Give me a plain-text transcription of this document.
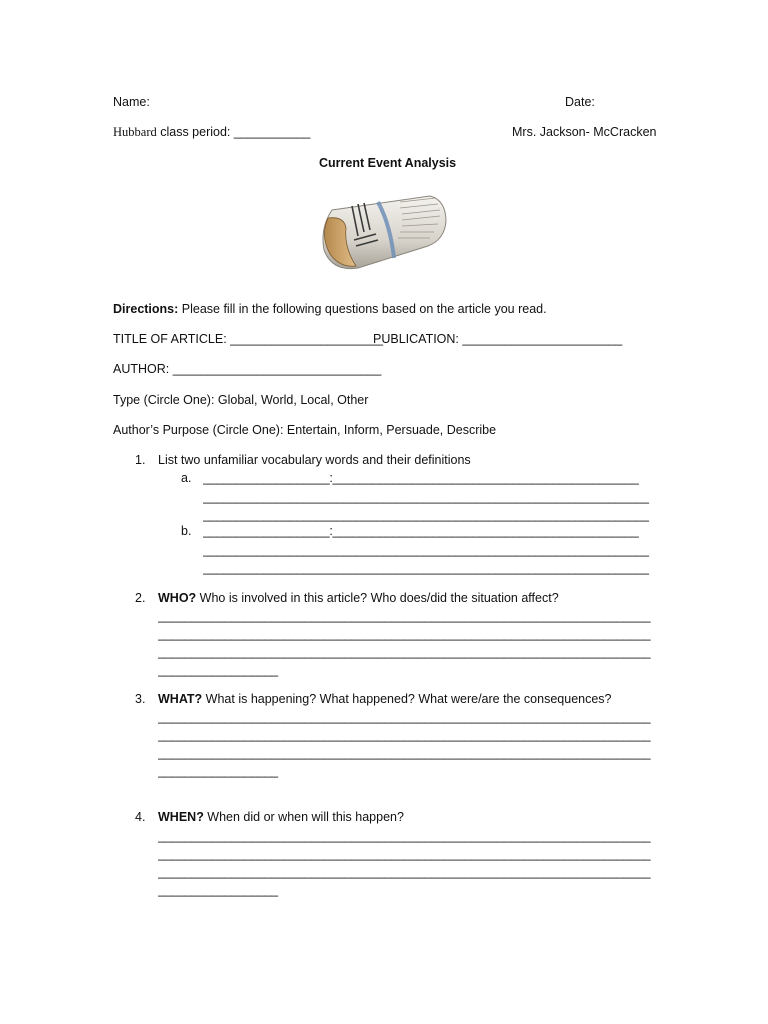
Name:	Date:
Hubbard class period: ___________	Mrs. Jackson- McCracken
Current Event Analysis
Directions: Please fill in the following questions based on the article you read.
TITLE OF ARTICLE: ______________________
PUBLICATION: _______________________
AUTHOR: ______________________________
Type (Circle One): Global, World, Local, Other
Author’s Purpose (Circle One): Entertain, Inform, Persuade, Describe
1. List two unfamiliar vocabulary words and their definitions
a. ___________________:______________________________________________
___________________________________________________________________
___________________________________________________________________
b. ___________________:______________________________________________
___________________________________________________________________
___________________________________________________________________
2. WHO? Who is involved in this article? Who does/did the situation affect?
__________________________________________________________________________
__________________________________________________________________________
__________________________________________________________________________
__________________
3. WHAT? What is happening? What happened? What were/are the consequences?
__________________________________________________________________________
__________________________________________________________________________
__________________________________________________________________________
__________________
4. WHEN? When did or when will this happen?
__________________________________________________________________________
__________________________________________________________________________
__________________________________________________________________________
__________________
